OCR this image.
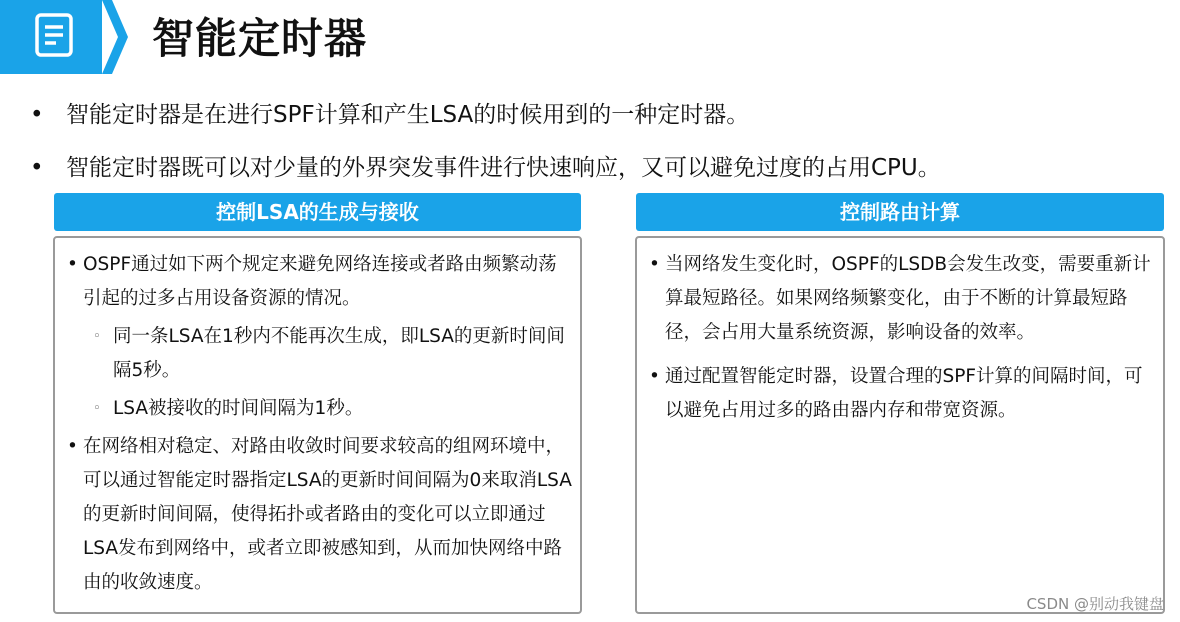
智能定时器
• 智能定时器是在进行SPF计算和产生LSA的时候用到的一种定时器。
• 智能定时器既可以对少量的外界突发事件进行快速响应，又可以避免过度的占用CPU。
控制LSA的生成与接收
• OSPF通过如下两个规定来避免网络连接或者路由频繁动荡引起的过多占用设备资源的情况。
◦ 同一条LSA在1秒内不能再次生成，即LSA的更新时间间隔5秒。
◦ LSA被接收的时间间隔为1秒。
• 在网络相对稳定、对路由收敛时间要求较高的组网环境中，可以通过智能定时器指定LSA的更新时间间隔为0来取消LSA的更新时间间隔，使得拓扑或者路由的变化可以立即通过LSA发布到网络中，或者立即被感知到，从而加快网络中路由的收敛速度。
控制路由计算
• 当网络发生变化时，OSPF的LSDB会发生改变，需要重新计算最短路径。如果网络频繁变化，由于不断的计算最短路径，会占用大量系统资源，影响设备的效率。
• 通过配置智能定时器，设置合理的SPF计算的间隔时间，可以避免占用过多的路由器内存和带宽资源。
CSDN @别动我键盘
